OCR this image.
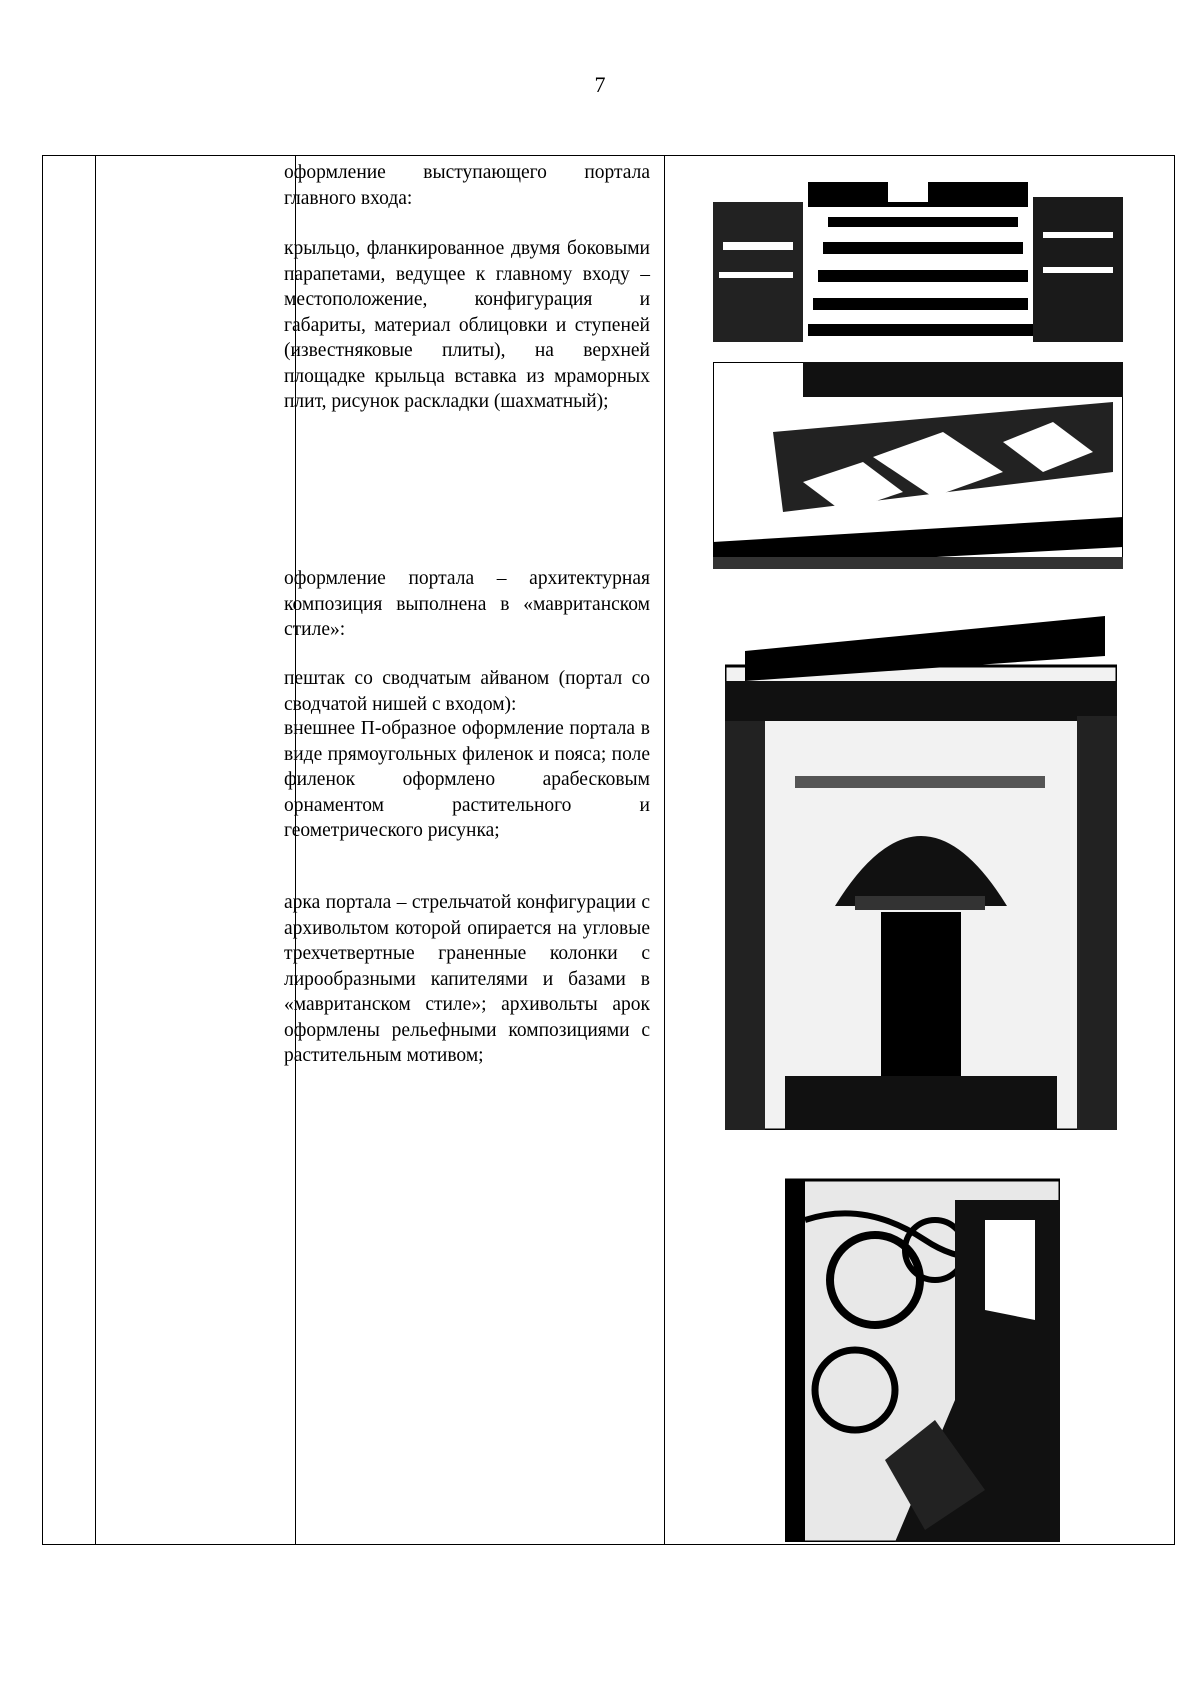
7

оформление выступающего портала главного входа:

крыльцо, фланкированное двумя боковыми парапетами, ведущее к главному входу – местоположение, конфигурация и габариты, материал облицовки и ступеней (известняковые плиты), на верхней площадке крыльца вставка из мраморных плит, рисунок раскладки (шахматный);

оформление портала – архитектурная композиция выполнена в «мавританском стиле»:

пештак со сводчатым айваном (портал со сводчатой нишей с входом):

внешнее П-образное оформление портала в виде прямоугольных филенок и пояса; поле филенок оформлено арабесковым орнаментом растительного и геометрического рисунка;

арка портала – стрельчатой конфигурации с архивольтом которой опирается на угловые трехчетвертные граненные колонки с лирообразными капителями и базами в «мавританском стиле»; архивольты арок оформлены рельефными композициями с растительным мотивом;
